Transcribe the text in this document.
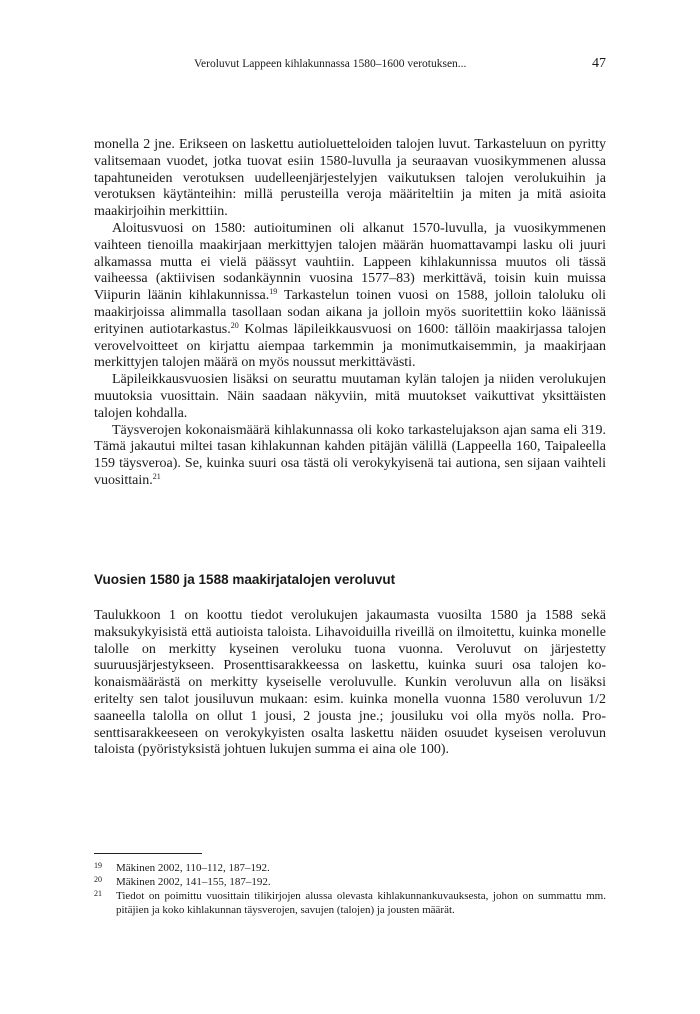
Veroluvut Lappeen kihlakunnassa 1580–1600 verotuksen...	47

monella 2 jne. Erikseen on laskettu autioluetteloiden talojen luvut. Tarkasteluun on pyritty valitsemaan vuodet, jotka tuovat esiin 1580-luvulla ja seuraavan vuosikymmenen alussa tapahtuneiden verotuksen uudelleenjärjestelyjen vaikutuksen talojen verolukuihin ja verotuksen käytänteihin: millä perusteilla veroja määriteltiin ja miten ja mitä asioita maakirjoihin merkittiin.

Aloitusvuosi on 1580: autioituminen oli alkanut 1570-luvulla, ja vuosikymmenen vaihteen tienoilla maakirjaan merkittyjen talojen määrän huomattavampi lasku oli juuri alkamassa mutta ei vielä päässyt vauhtiin. Lappeen kihlakunnissa muutos oli tässä vaiheessa (aktiivisen sodankäynnin vuosina 1577–83) merkittävä, toisin kuin muissa Viipurin läänin kihlakunnissa.$^{19}$ Tarkastelun toinen vuosi on 1588, jolloin taloluku oli maakirjoissa alimmalla tasollaan sodan aikana ja jolloin myös suoritettiin koko läänissä erityinen autiotarkastus.$^{20}$ Kolmas läpileikkausvuosi on 1600: tällöin maakirjassa talojen verovelvoitteet on kirjattu aiempaa tarkemmin ja monimutkaisemmin, ja maakirjaan merkittyjen talojen määrä on myös noussut merkittävästi.

Läpileikkausvuosien lisäksi on seurattu muutaman kylän talojen ja niiden verolukujen muutoksia vuosittain. Näin saadaan näkyviin, mitä muutokset vaikuttivat yksittäisten talojen kohdalla.

Täysverojen kokonaismäärä kihlakunnassa oli koko tarkastelujakson ajan sama eli 319. Tämä jakautui miltei tasan kihlakunnan kahden pitäjän välillä (Lappeella 160, Taipaleella 159 täysveroa). Se, kuinka suuri osa tästä oli verokykyisenä tai autiona, sen sijaan vaihteli vuosittain.$^{21}$

Vuosien 1580 ja 1588 maakirjatalojen veroluvut

Taulukkoon 1 on koottu tiedot verolukujen jakaumasta vuosilta 1580 ja 1588 sekä maksukykyisistä että autioista taloista. Lihavoiduilla riveillä on ilmoitettu, kuinka monelle talolle on merkitty kyseinen veroluku tuona vuonna. Veroluvut on järjestetty suuruusjärjestykseen. Prosenttisarakkeessa on laskettu, kuinka suuri osa talojen kokonaismäärästä on merkitty kyseiselle veroluvulle. Kunkin veroluvun alla on lisäksi eritelty sen talot jousiluvun mukaan: esim. kuinka monella vuonna 1580 veroluvun 1/2 saaneella talolla on ollut 1 jousi, 2 jousta jne.; jousiluku voi olla myös nolla. Prosenttisarakkeeseen on verokykyisten osalta laskettu näiden osuudet kyseisen veroluvun taloista (pyöristyksistä johtuen lukujen summa ei aina ole 100).

19 Mäkinen 2002, 110–112, 187–192.
20 Mäkinen 2002, 141–155, 187–192.
21 Tiedot on poimittu vuosittain tilikirjojen alussa olevasta kihlakunnankuvauksesta, johon on summattu mm. pitäjien ja koko kihlakunnan täysverojen, savujen (talojen) ja jousten määrät.
